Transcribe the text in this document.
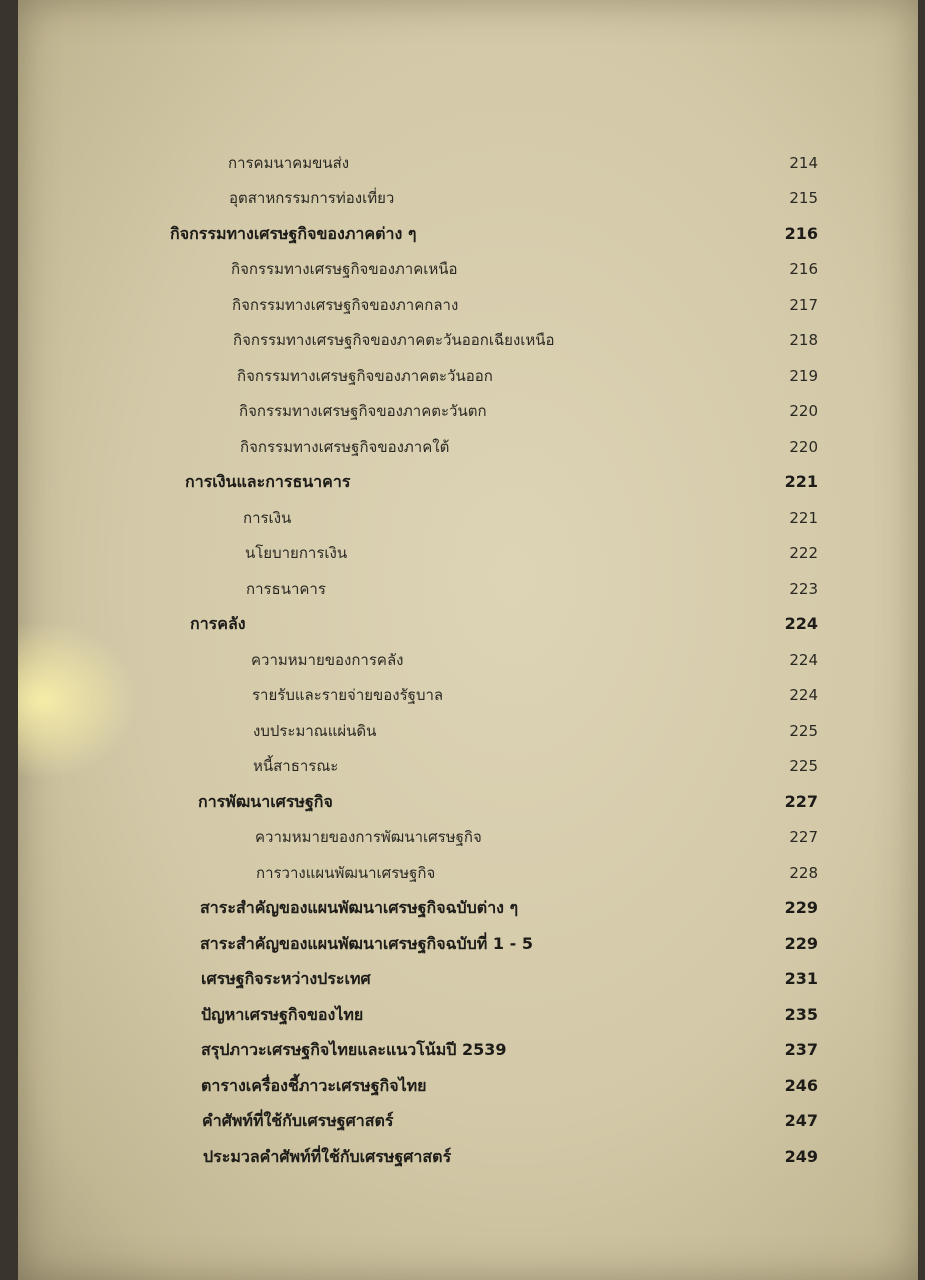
การคมนาคมขนส่ง	214
อุตสาหกรรมการท่องเที่ยว	215
กิจกรรมทางเศรษฐกิจของภาคต่าง ๆ	216
กิจกรรมทางเศรษฐกิจของภาคเหนือ	216
กิจกรรมทางเศรษฐกิจของภาคกลาง	217
กิจกรรมทางเศรษฐกิจของภาคตะวันออกเฉียงเหนือ	218
กิจกรรมทางเศรษฐกิจของภาคตะวันออก	219
กิจกรรมทางเศรษฐกิจของภาคตะวันตก	220
กิจกรรมทางเศรษฐกิจของภาคใต้	220
การเงินและการธนาคาร	221
การเงิน	221
นโยบายการเงิน	222
การธนาคาร	223
การคลัง	224
ความหมายของการคลัง	224
รายรับและรายจ่ายของรัฐบาล	224
งบประมาณแผ่นดิน	225
หนี้สาธารณะ	225
การพัฒนาเศรษฐกิจ	227
ความหมายของการพัฒนาเศรษฐกิจ	227
การวางแผนพัฒนาเศรษฐกิจ	228
สาระสำคัญของแผนพัฒนาเศรษฐกิจฉบับต่าง ๆ	229
สาระสำคัญของแผนพัฒนาเศรษฐกิจฉบับที่ 1 - 5	229
เศรษฐกิจระหว่างประเทศ	231
ปัญหาเศรษฐกิจของไทย	235
สรุปภาวะเศรษฐกิจไทยและแนวโน้มปี 2539	237
ตารางเครื่องชี้ภาวะเศรษฐกิจไทย	246
คำศัพท์ที่ใช้กับเศรษฐศาสตร์	247
ประมวลคำศัพท์ที่ใช้กับเศรษฐศาสตร์	249
